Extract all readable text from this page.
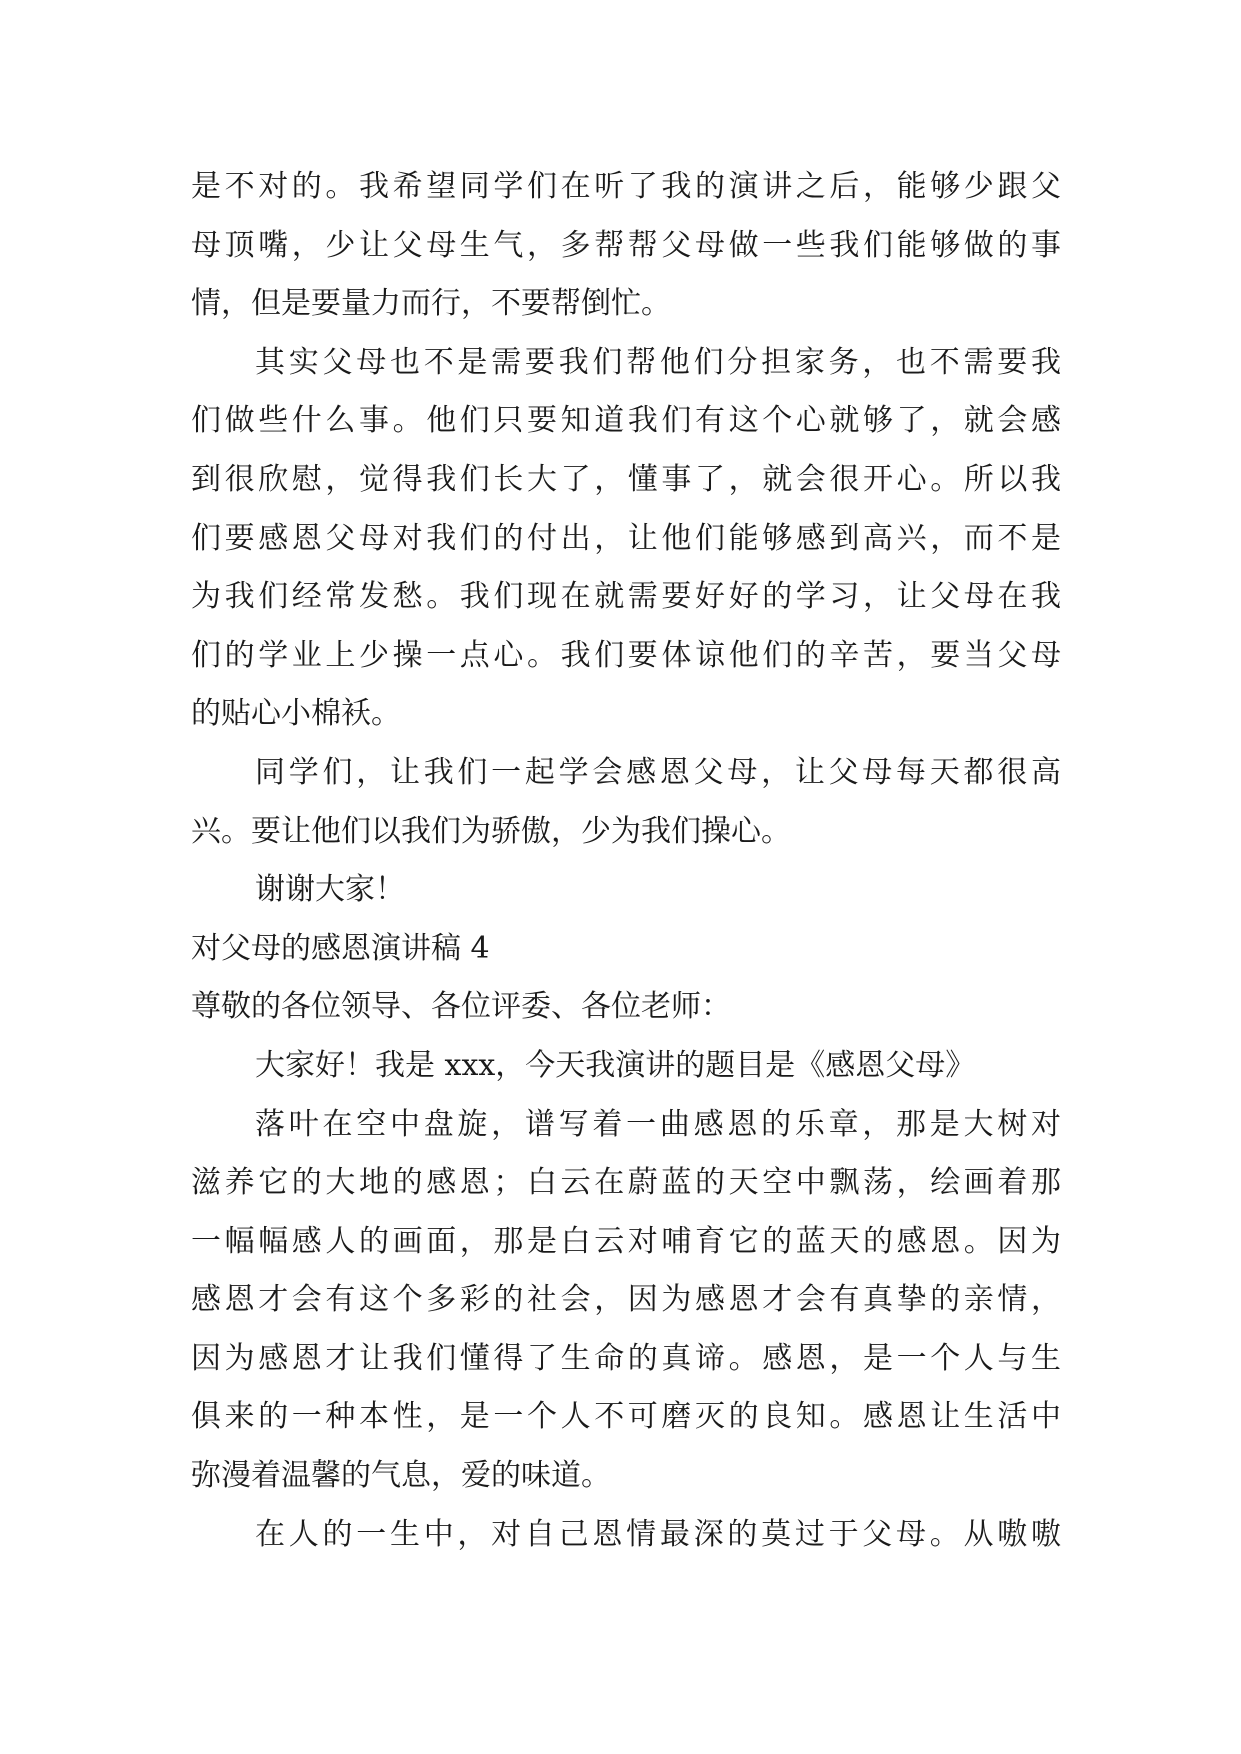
是不对的。我希望同学们在听了我的演讲之后，能够少跟父
母顶嘴，少让父母生气，多帮帮父母做一些我们能够做的事
情，但是要量力而行，不要帮倒忙。
其实父母也不是需要我们帮他们分担家务，也不需要我
们做些什么事。他们只要知道我们有这个心就够了，就会感
到很欣慰，觉得我们长大了，懂事了，就会很开心。所以我
们要感恩父母对我们的付出，让他们能够感到高兴，而不是
为我们经常发愁。我们现在就需要好好的学习，让父母在我
们的学业上少操一点心。我们要体谅他们的辛苦，要当父母
的贴心小棉袄。
同学们，让我们一起学会感恩父母，让父母每天都很高
兴。要让他们以我们为骄傲，少为我们操心。
谢谢大家！
对父母的感恩演讲稿 4
尊敬的各位领导、各位评委、各位老师：
大家好！我是 xxx，今天我演讲的题目是《感恩父母》
落叶在空中盘旋，谱写着一曲感恩的乐章，那是大树对
滋养它的大地的感恩；白云在蔚蓝的天空中飘荡，绘画着那
一幅幅感人的画面，那是白云对哺育它的蓝天的感恩。因为
感恩才会有这个多彩的社会，因为感恩才会有真挚的亲情，
因为感恩才让我们懂得了生命的真谛。感恩，是一个人与生
俱来的一种本性，是一个人不可磨灭的良知。感恩让生活中
弥漫着温馨的气息，爱的味道。
在人的一生中，对自己恩情最深的莫过于父母。从嗷嗷
